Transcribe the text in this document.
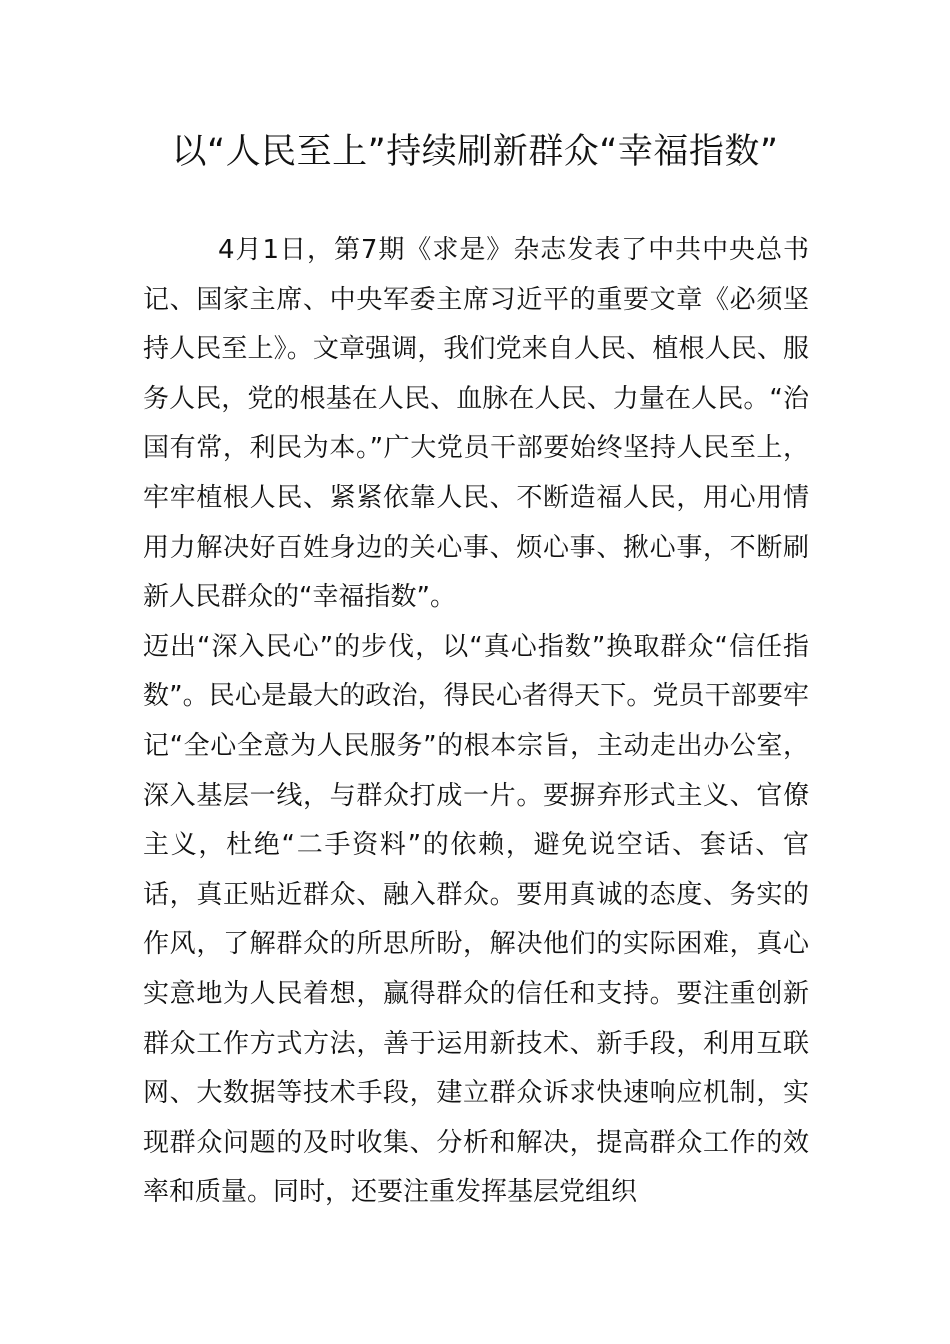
以“人民至上”持续刷新群众“幸福指数”

4月1日，第7期《求是》杂志发表了中共中央总书记、国家主席、中央军委主席习近平的重要文章《必须坚持人民至上》。文章强调，我们党来自人民、植根人民、服务人民，党的根基在人民、血脉在人民、力量在人民。“治国有常，利民为本。”广大党员干部要始终坚持人民至上，牢牢植根人民、紧紧依靠人民、不断造福人民，用心用情用力解决好百姓身边的关心事、烦心事、揪心事，不断刷新人民群众的“幸福指数”。

迈出“深入民心”的步伐，以“真心指数”换取群众“信任指数”。民心是最大的政治，得民心者得天下。党员干部要牢记“全心全意为人民服务”的根本宗旨，主动走出办公室，深入基层一线，与群众打成一片。要摒弃形式主义、官僚主义，杜绝“二手资料”的依赖，避免说空话、套话、官话，真正贴近群众、融入群众。要用真诚的态度、务实的作风，了解群众的所思所盼，解决他们的实际困难，真心实意地为人民着想，赢得群众的信任和支持。要注重创新群众工作方式方法，善于运用新技术、新手段，利用互联网、大数据等技术手段，建立群众诉求快速响应机制，实现群众问题的及时收集、分析和解决，提高群众工作的效率和质量。同时，还要注重发挥基层党组织
